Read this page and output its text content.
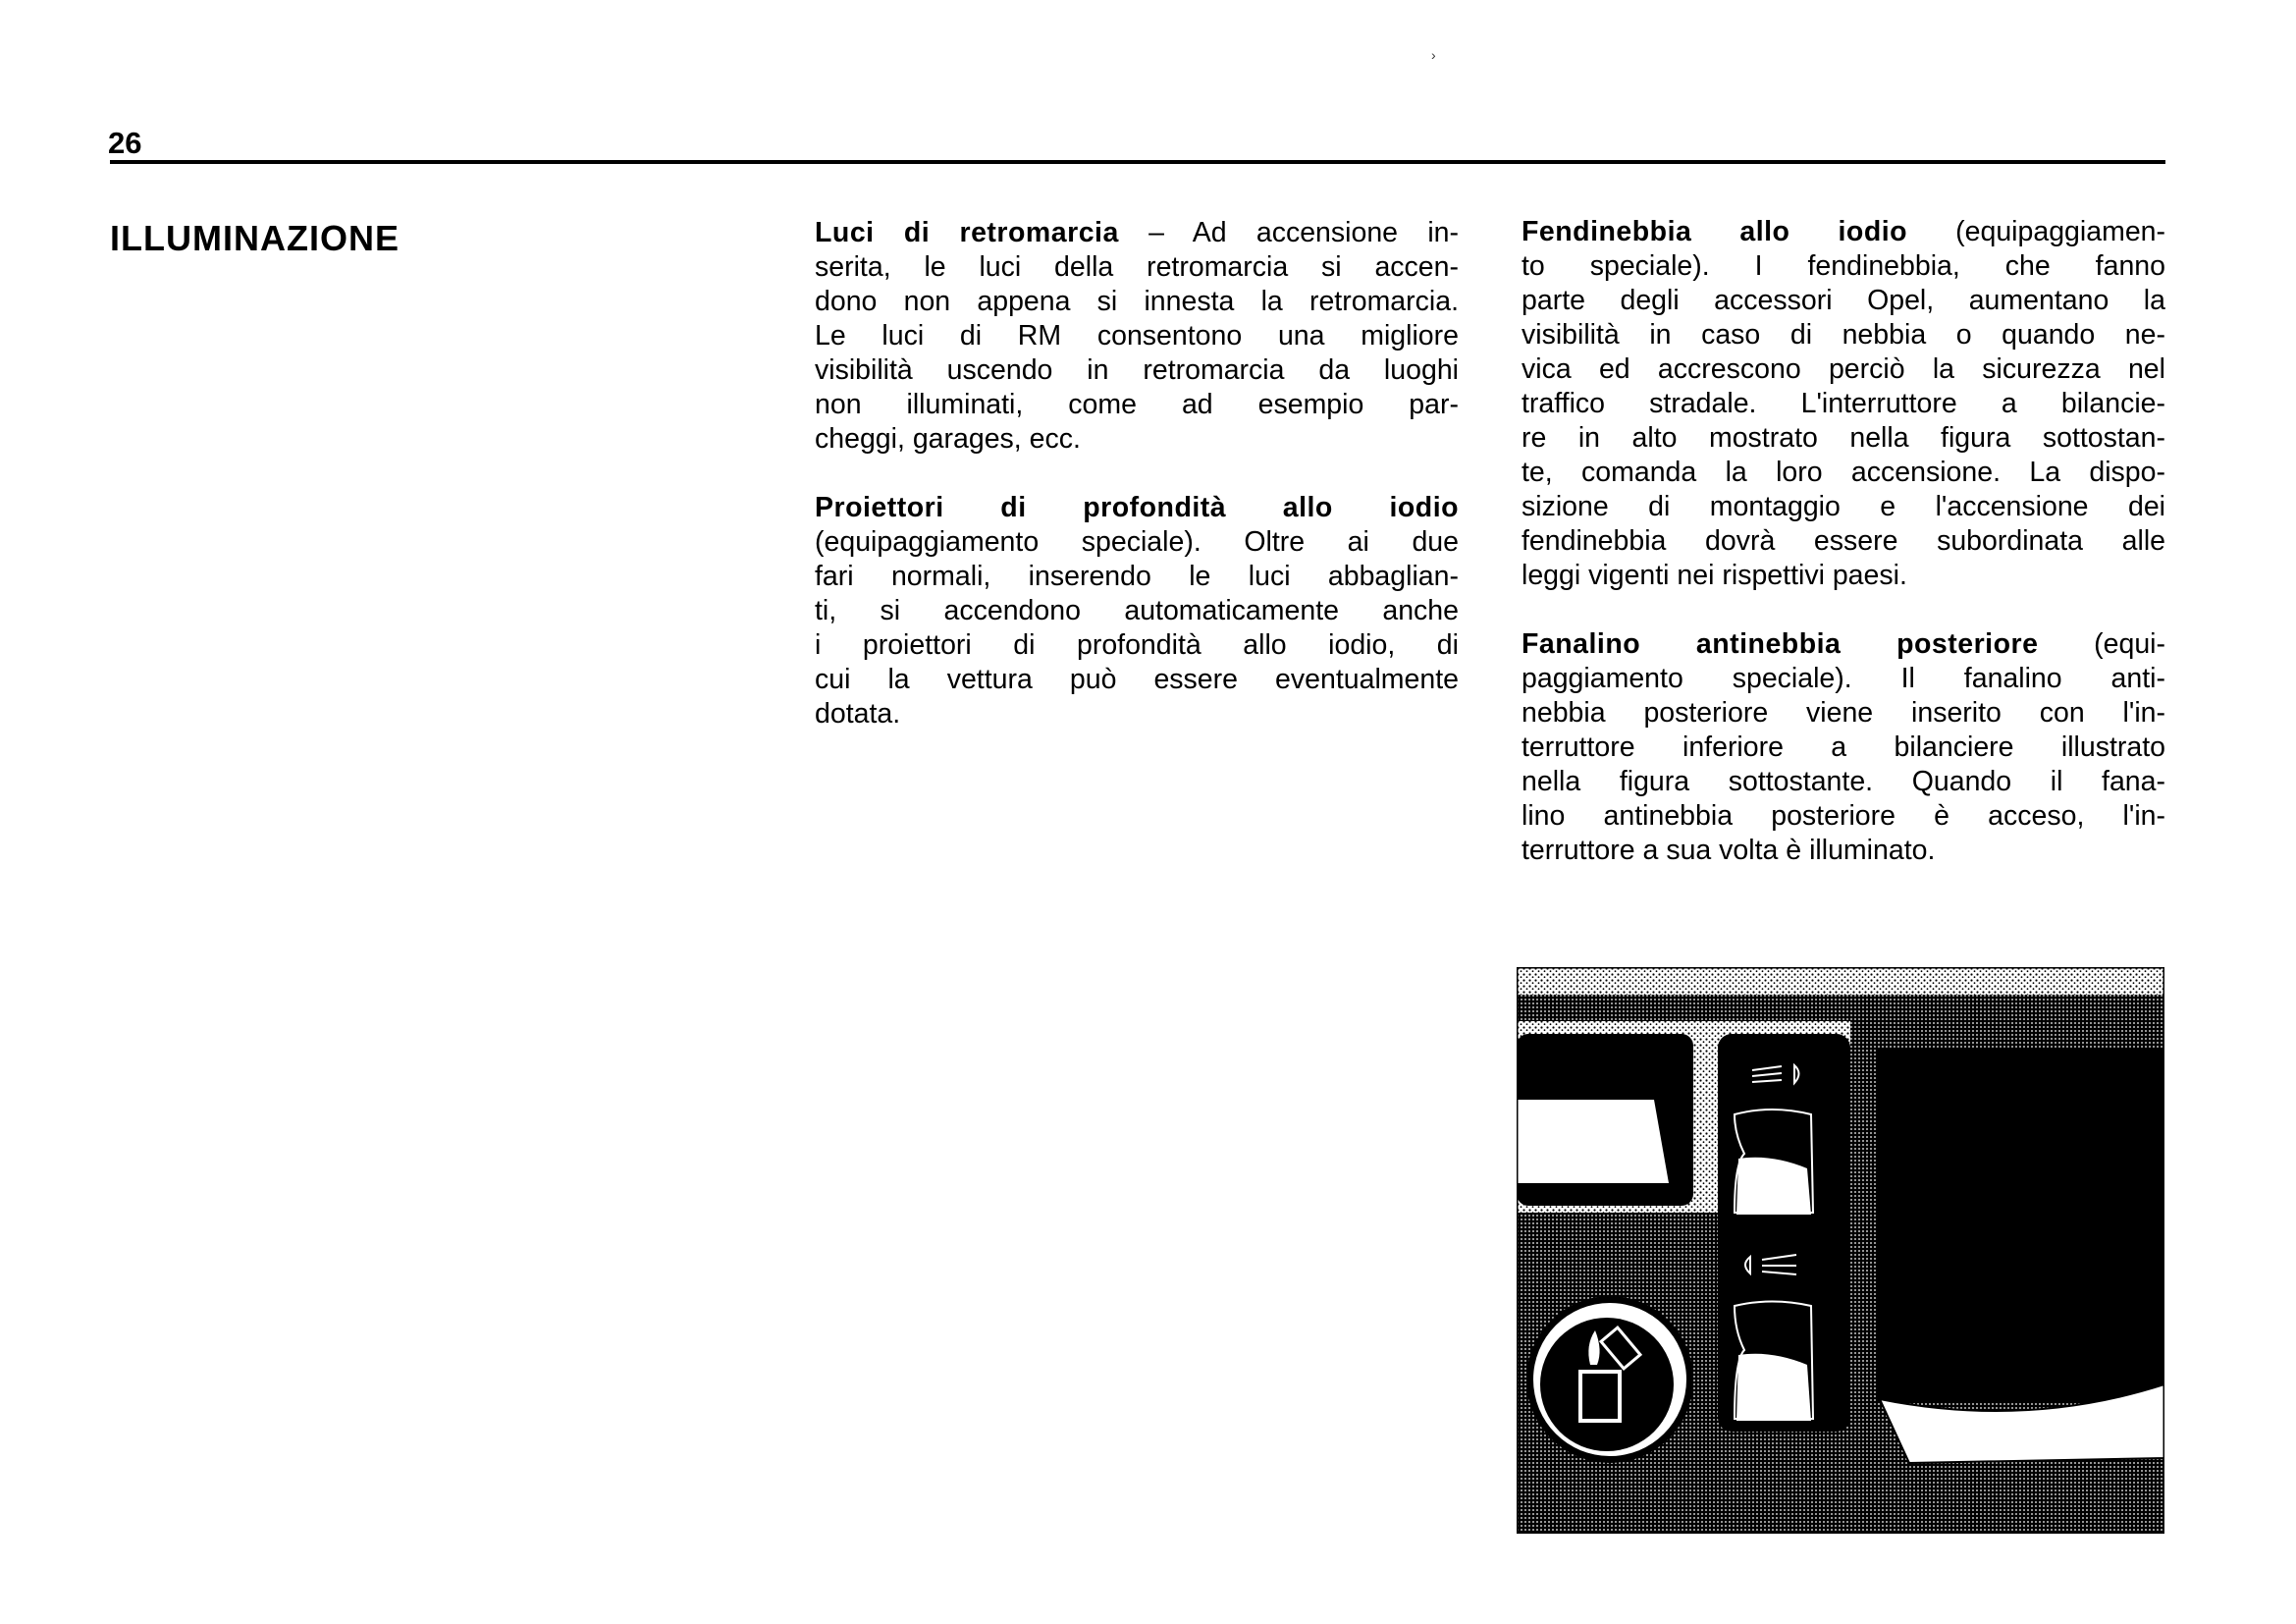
›
26
ILLUMINAZIONE	Luci di retromarcia – Ad accensione in-
serita, le luci della retromarcia si accen-
dono non appena si innesta la retromarcia.
Le luci di RM consentono una migliore
visibilità uscendo in retromarcia da luoghi
non illuminati, come ad esempio par-
cheggi, garages, ecc.
Proiettori di profondità allo iodio
(equipaggiamento speciale). Oltre ai due
fari normali, inserendo le luci abbaglian-
ti, si accendono automaticamente anche
i proiettori di profondità allo iodio, di
cui la vettura può essere eventualmente
dotata.
Fendinebbia allo iodio (equipaggiamen-
to speciale). I fendinebbia, che fanno
parte degli accessori Opel, aumentano la
visibilità in caso di nebbia o quando ne-
vica ed accrescono perciò la sicurezza nel
traffico stradale. L'interruttore a bilancie-
re in alto mostrato nella figura sottostan-
te, comanda la loro accensione. La dispo-
sizione di montaggio e l'accensione dei
fendinebbia dovrà essere subordinata alle
leggi vigenti nei rispettivi paesi.
Fanalino antinebbia posteriore (equi-
paggiamento speciale). Il fanalino anti-
nebbia posteriore viene inserito con l'in-
terruttore inferiore a bilanciere illustrato
nella figura sottostante. Quando il fana-
lino antinebbia posteriore è acceso, l'in-
terruttore a sua volta è illuminato.
